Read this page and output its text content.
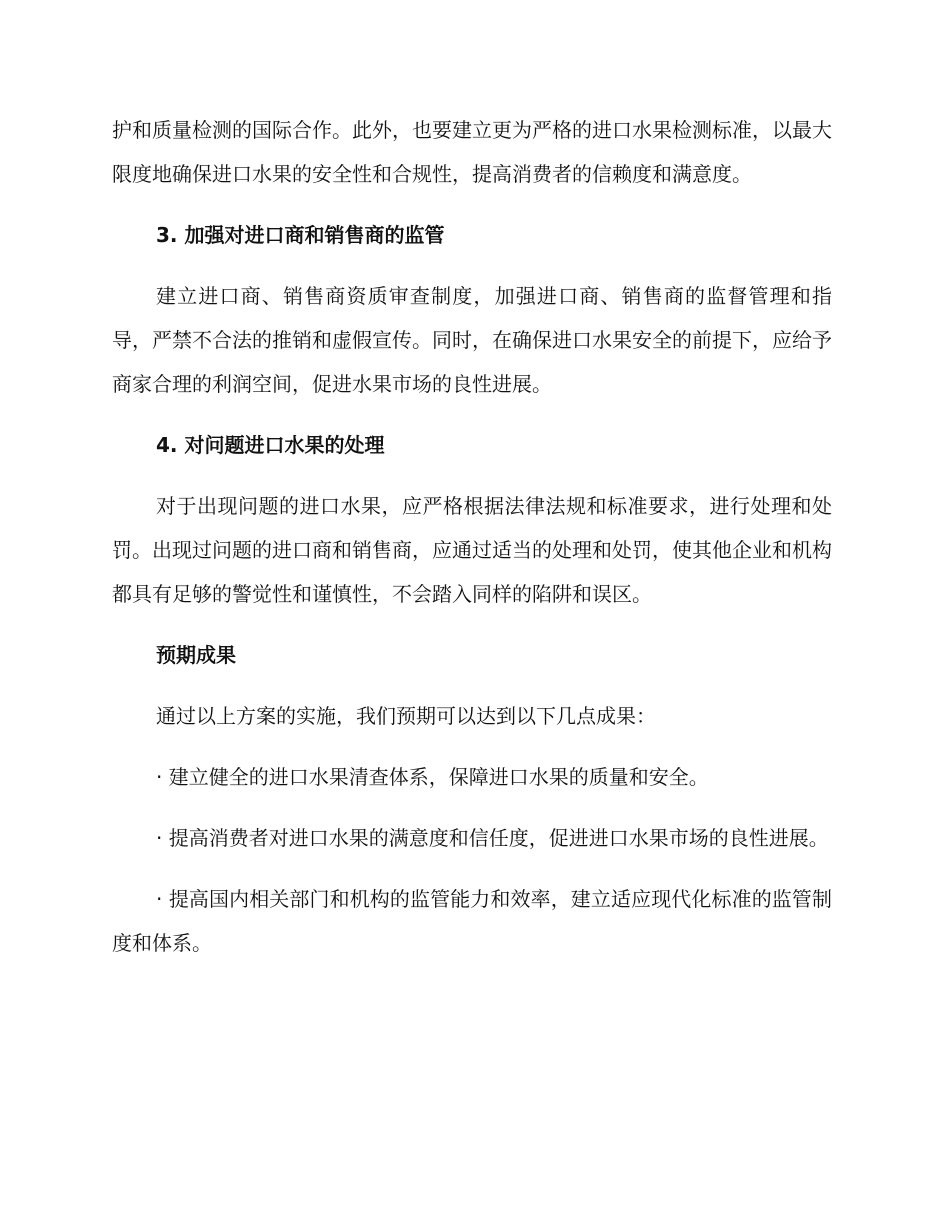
护和质量检测的国际合作。此外，也要建立更为严格的进口水果检测标准，以最大限度地确保进口水果的安全性和合规性，提高消费者的信赖度和满意度。

3. 加强对进口商和销售商的监管

建立进口商、销售商资质审查制度，加强进口商、销售商的监督管理和指导，严禁不合法的推销和虚假宣传。同时，在确保进口水果安全的前提下，应给予商家合理的利润空间，促进水果市场的良性进展。

4. 对问题进口水果的处理

对于出现问题的进口水果，应严格根据法律法规和标准要求，进行处理和处罚。出现过问题的进口商和销售商，应通过适当的处理和处罚，使其他企业和机构都具有足够的警觉性和谨慎性，不会踏入同样的陷阱和误区。

预期成果

通过以上方案的实施，我们预期可以达到以下几点成果：

· 建立健全的进口水果清查体系，保障进口水果的质量和安全。

· 提高消费者对进口水果的满意度和信任度，促进进口水果市场的良性进展。

· 提高国内相关部门和机构的监管能力和效率，建立适应现代化标准的监管制度和体系。
